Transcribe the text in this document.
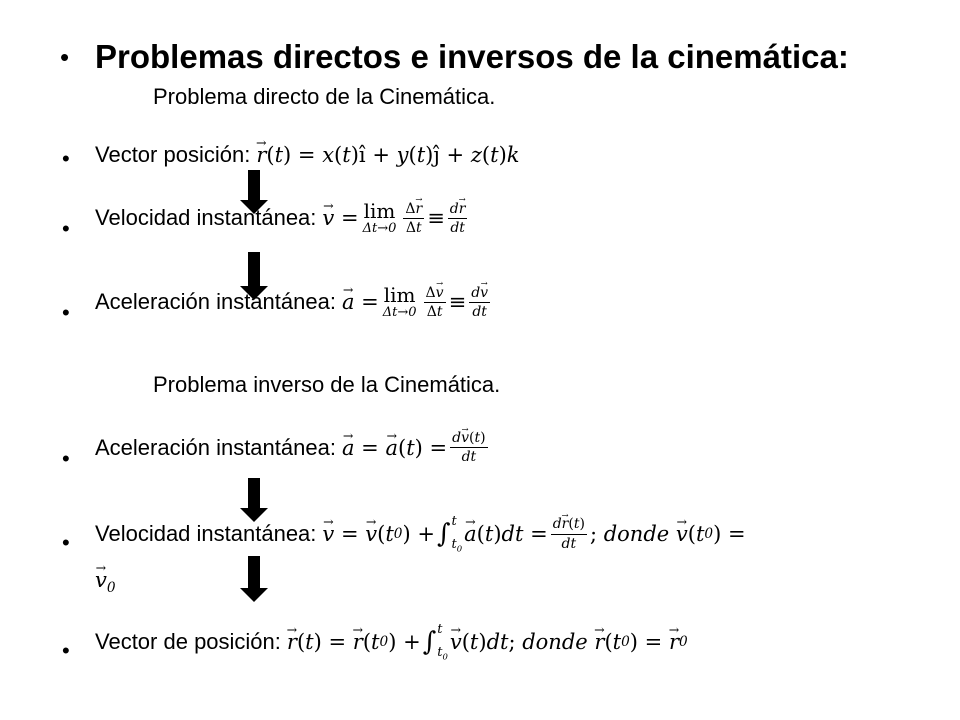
• Problemas directos e inversos de la cinemática:
Problema directo de la Cinemática.
• Vector posición: → r(t) = x(t)î + y(t)ĵ + z(t)k
• Velocidad instantánea: → v
= lim
$\Delta t\to 0 \frac{\Delta\to r}{\Delta t} \equiv \frac{d\to r}{dt}$
• Aceleración instantánea: → a
= lim
$\Delta t\to 0 \frac{\Delta\to v}{\Delta t} \equiv \frac{d\to v}{dt}$
Problema inverso de la Cinemática.
• Aceleración instantánea: → a
=
→ a ( t )
= $\frac{d\to v(t)}{dt}$
• Velocidad instantánea: → v
=
→ v ( t 0 )
+ ∫ t
$t_0$
→ a ( t ) dt = $\frac{d\to r(t)}{dt}$ ; donde → v ( t 0 )
=
→ $v_0$
• Vector de posición: → r ( t )
=
→ r ( t 0 )
+ ∫ t
$t_0$
→ v ( t ) dt ; donde → r ( t 0 )
=
→ r 0
